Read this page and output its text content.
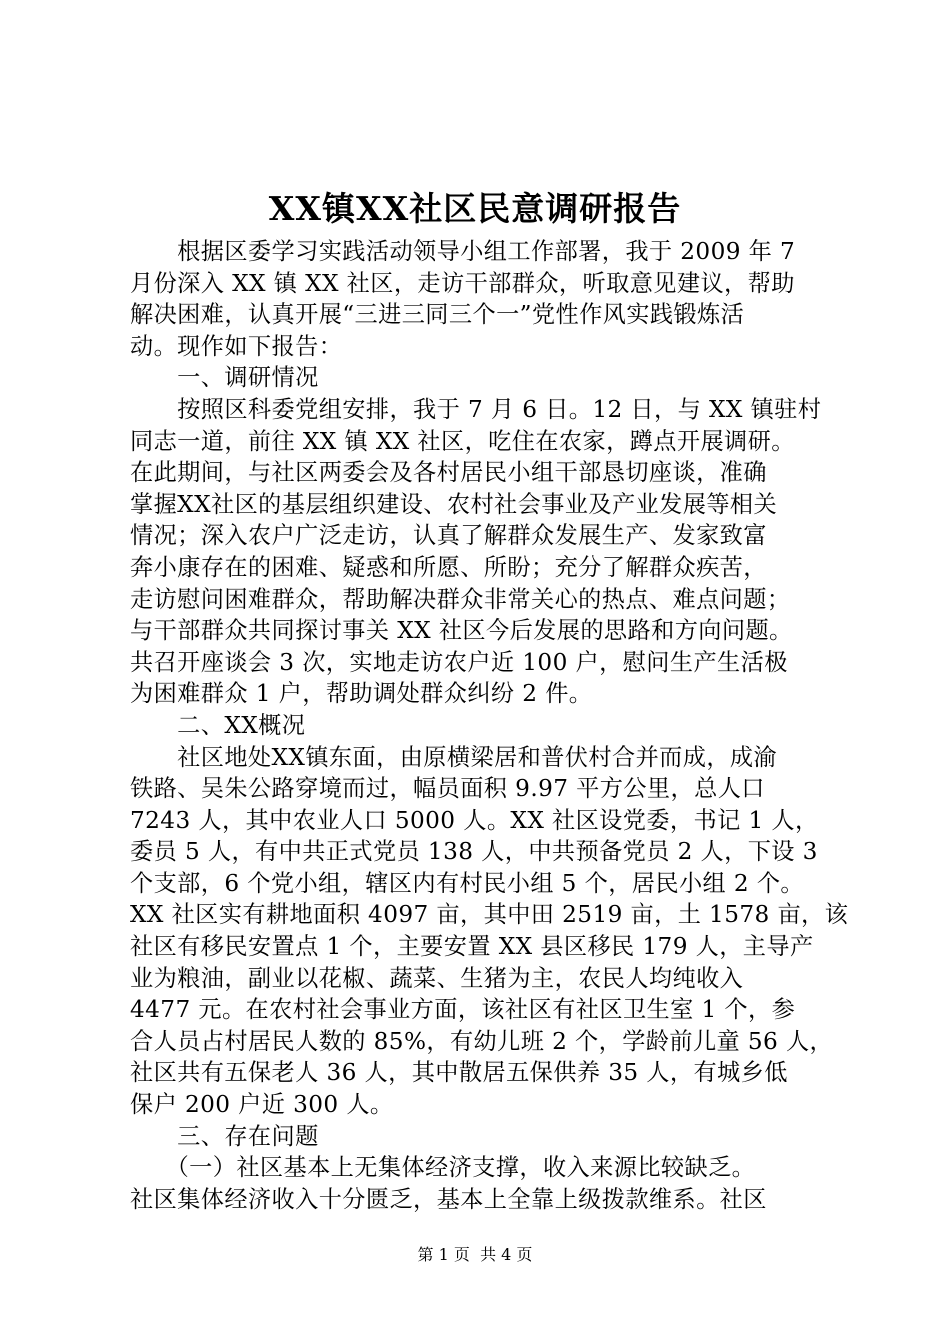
XX镇XX社区民意调研报告
　　根据区委学习实践活动领导小组工作部署，我于 2009 年 7
月份深入 XX 镇 XX 社区，走访干部群众，听取意见建议，帮助
解决困难，认真开展“三进三同三个一”党性作风实践锻炼活
动。现作如下报告：
　　一、调研情况
　　按照区科委党组安排，我于 7 月 6 日。12 日，与 XX 镇驻村
同志一道，前往 XX 镇 XX 社区，吃住在农家，蹲点开展调研。
在此期间，与社区两委会及各村居民小组干部恳切座谈，准确
掌握XX社区的基层组织建设、农村社会事业及产业发展等相关
情况；深入农户广泛走访，认真了解群众发展生产、发家致富
奔小康存在的困难、疑惑和所愿、所盼；充分了解群众疾苦，
走访慰问困难群众，帮助解决群众非常关心的热点、难点问题；
与干部群众共同探讨事关 XX 社区今后发展的思路和方向问题。
共召开座谈会 3 次，实地走访农户近 100 户，慰问生产生活极
为困难群众 1 户，帮助调处群众纠纷 2 件。
　　二、XX概况
　　社区地处XX镇东面，由原横梁居和普伏村合并而成，成渝
铁路、吴朱公路穿境而过，幅员面积 9.97 平方公里，总人口
7243 人，其中农业人口 5000 人。XX 社区设党委，书记 1 人，
委员 5 人，有中共正式党员 138 人，中共预备党员 2 人，下设 3
个支部，6 个党小组，辖区内有村民小组 5 个，居民小组 2 个。
XX 社区实有耕地面积 4097 亩，其中田 2519 亩，土 1578 亩，该
社区有移民安置点 1 个，主要安置 XX 县区移民 179 人，主导产
业为粮油，副业以花椒、蔬菜、生猪为主，农民人均纯收入
4477 元。在农村社会事业方面，该社区有社区卫生室 1 个，参
合人员占村居民人数的 85%，有幼儿班 2 个，学龄前儿童 56 人，
社区共有五保老人 36 人，其中散居五保供养 35 人，有城乡低
保户 200 户近 300 人。
　　三、存在问题
　　（一）社区基本上无集体经济支撑，收入来源比较缺乏。
社区集体经济收入十分匮乏，基本上全靠上级拨款维系。社区
第 1 页  共 4 页
